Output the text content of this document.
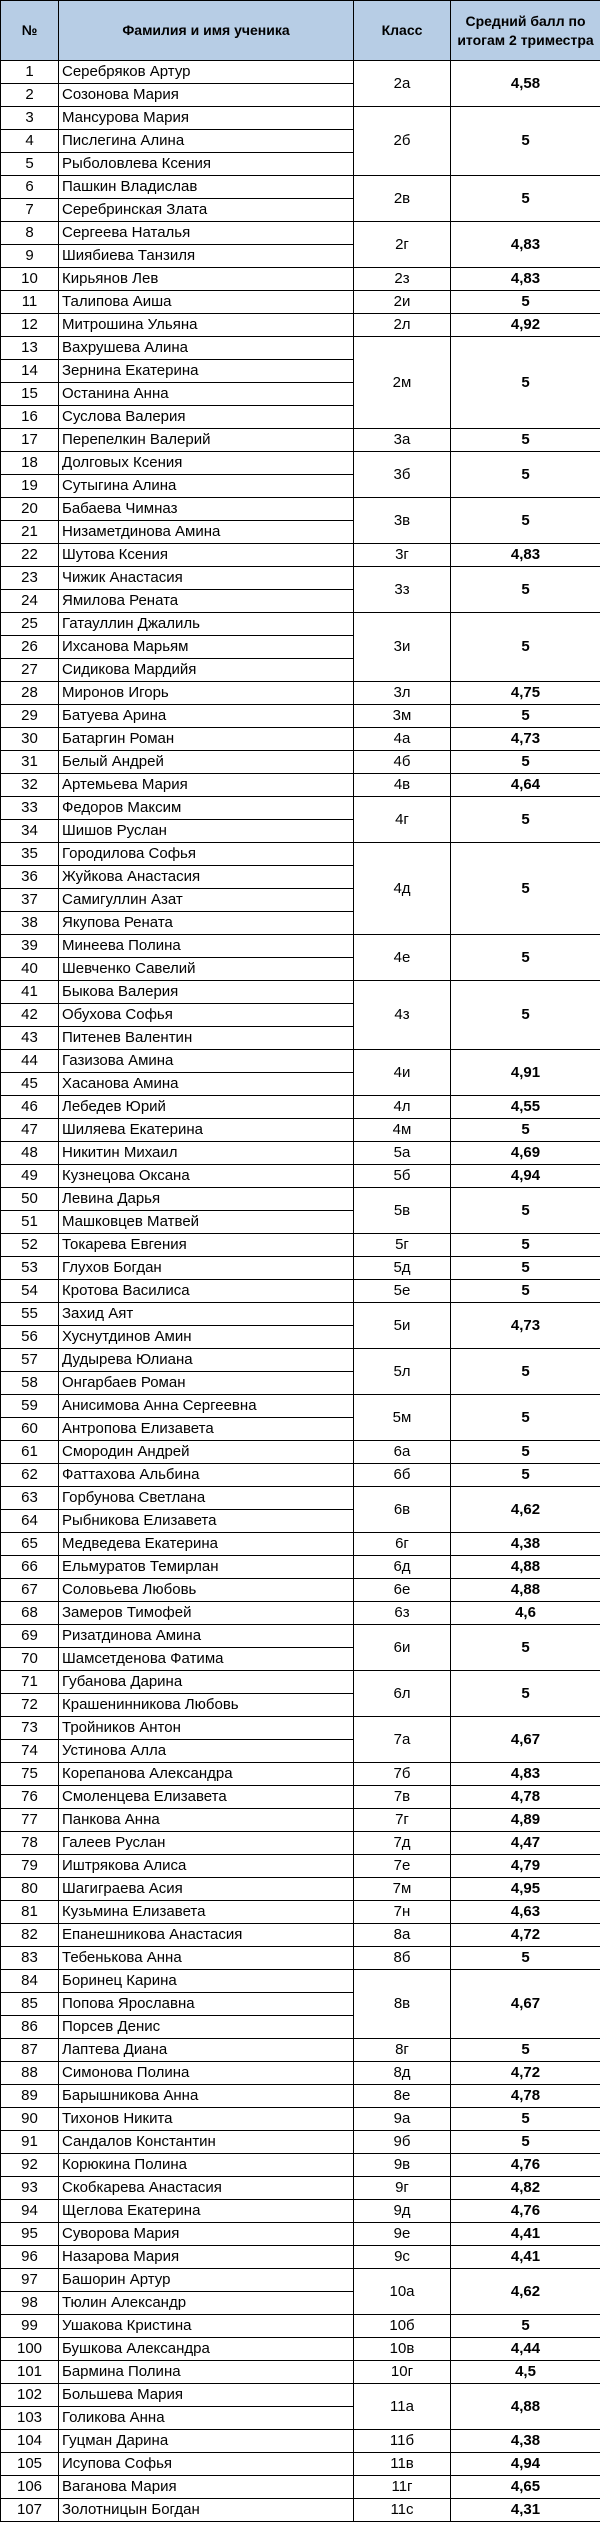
№	Фамилия и имя ученика	Класс	Средний балл по итогам 2 триместра
1	Серебряков Артур	2а	4,58
2	Созонова Мария		
3	Мансурова Мария	2б	5
4	Пислегина Алина		
5	Рыболовлева Ксения		
6	Пашкин Владислав	2в	5
7	Серебринская Злата		
8	Сергеева Наталья	2г	4,83
9	Шиябиева Танзиля		
10	Кирьянов Лев	2з	4,83
11	Талипова Аиша	2и	5
12	Митрошина Ульяна	2л	4,92
13	Вахрушева Алина	2м	5
14	Зернина Екатерина		
15	Останина Анна		
16	Суслова Валерия		
17	Перепелкин Валерий	3а	5
18	Долговых Ксения	3б	5
19	Сутыгина Алина		
20	Бабаева Чимназ	3в	5
21	Низаметдинова Амина		
22	Шутова Ксения	3г	4,83
23	Чижик Анастасия	3з	5
24	Ямилова Рената		
25	Гатауллин Джалиль	3и	5
26	Ихсанова Марьям		
27	Сидикова Мардийя		
28	Миронов Игорь	3л	4,75
29	Батуева Арина	3м	5
30	Батаргин Роман	4а	4,73
31	Белый Андрей	4б	5
32	Артемьева Мария	4в	4,64
33	Федоров Максим	4г	5
34	Шишов Руслан		
35	Городилова Софья	4д	5
36	Жуйкова Анастасия		
37	Самигуллин Азат		
38	Якупова Рената		
39	Минеева Полина	4е	5
40	Шевченко Савелий		
41	Быкова Валерия	4з	5
42	Обухова Софья		
43	Питенев Валентин		
44	Газизова Амина	4и	4,91
45	Хасанова Амина		
46	Лебедев Юрий	4л	4,55
47	Шиляева Екатерина	4м	5
48	Никитин Михаил	5а	4,69
49	Кузнецова Оксана	5б	4,94
50	Левина Дарья	5в	5
51	Машковцев Матвей		
52	Токарева Евгения	5г	5
53	Глухов Богдан	5д	5
54	Кротова Василиса	5е	5
55	Захид Аят	5и	4,73
56	Хуснутдинов Амин		
57	Дудырева Юлиана	5л	5
58	Онгарбаев Роман		
59	Анисимова Анна Сергеевна	5м	5
60	Антропова Елизавета		
61	Смородин Андрей	6а	5
62	Фаттахова Альбина	6б	5
63	Горбунова Светлана	6в	4,62
64	Рыбникова Елизавета		
65	Медведева Екатерина	6г	4,38
66	Ельмуратов Темирлан	6д	4,88
67	Соловьева Любовь	6е	4,88
68	Замеров Тимофей	6з	4,6
69	Ризатдинова Амина	6и	5
70	Шамсетденова Фатима		
71	Губанова Дарина	6л	5
72	Крашенинникова Любовь		
73	Тройников Антон	7а	4,67
74	Устинова Алла		
75	Корепанова Александра	7б	4,83
76	Смоленцева Елизавета	7в	4,78
77	Панкова Анна	7г	4,89
78	Галеев Руслан	7д	4,47
79	Иштрякова Алиса	7е	4,79
80	Шагиграева Асия	7м	4,95
81	Кузьмина Елизавета	7н	4,63
82	Епанешникова Анастасия	8а	4,72
83	Тебенькова Анна	8б	5
84	Боринец Карина	8в	4,67
85	Попова Ярославна		
86	Порсев Денис		
87	Лаптева Диана	8г	5
88	Симонова Полина	8д	4,72
89	Барышникова Анна	8е	4,78
90	Тихонов Никита	9а	5
91	Сандалов Константин	9б	5
92	Корюкина Полина	9в	4,76
93	Скобкарева Анастасия	9г	4,82
94	Щеглова Екатерина	9д	4,76
95	Суворова Мария	9е	4,41
96	Назарова Мария	9с	4,41
97	Башорин Артур	10а	4,62
98	Тюлин Александр		
99	Ушакова Кристина	10б	5
100	Бушкова Александра	10в	4,44
101	Бармина Полина	10г	4,5
102	Большева Мария	11а	4,88
103	Голикова Анна		
104	Гуцман Дарина	11б	4,38
105	Исупова Софья	11в	4,94
106	Ваганова Мария	11г	4,65
107	Золотницын Богдан	11с	4,31
